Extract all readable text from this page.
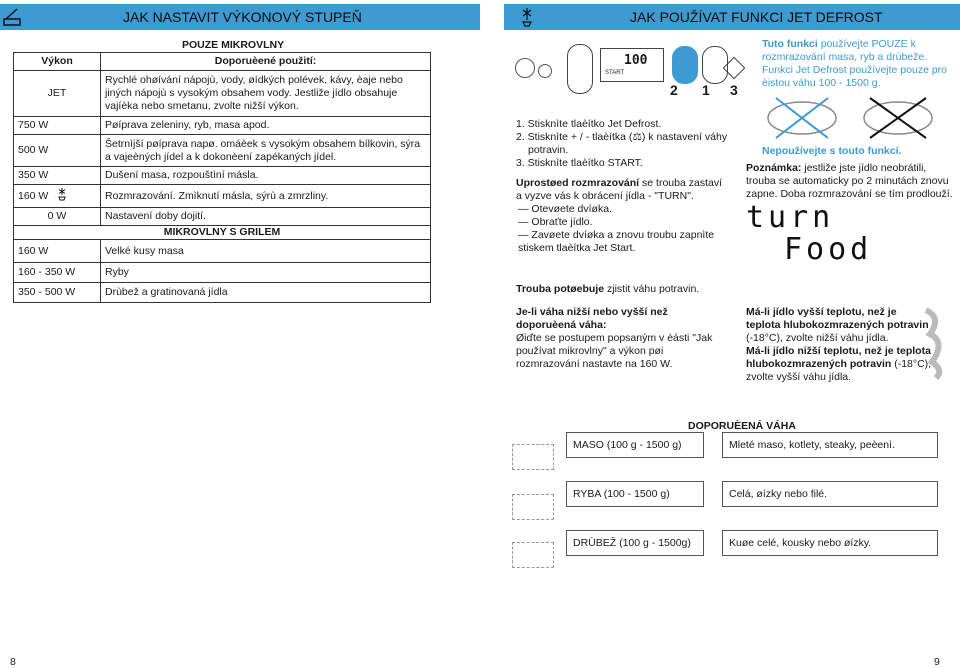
JAK NASTAVIT VÝKONOVÝ STUPEŇ	JAK POUŽÍVAT FUNKCI JET DEFROST
POUZE MIKROVLNY
Výkon	Doporuèené použití:
JET	Rychlé ohøívání nápojù, vody, øídkých polévek, kávy, èaje nebo jiných nápojù s vysokým obsahem vody. Jestliže jídlo obsahuje vajíèka nebo smetanu, zvolte nižší výkon.
750 W	Pøíprava zeleniny, ryb, masa apod.
500 W	Šetrnìjší pøíprava napø. omáèek s vysokým obsahem bílkovin, sýra a vajeèných jídel a k dokonèení zapékaných jídel.
350 W	Dušení masa, rozpouštìní másla.
160 W	Rozmrazování. Zmìknutí másla, sýrù a zmrzliny.
0 W	Nastavení doby dojití.
MIKROVLNY S GRILEM	
160 W	Velké kusy masa
160 - 350 W	Ryby
350 - 500 W	Drùbež a gratinovaná jídla
100
START
2 1 3
Tuto funkci používejte POUZE k rozmrazování masa, ryb a drùbeže. Funkci Jet Defrost používejte pouze pro èistou váhu 100 - 1500 g.
1. Stisknìte tlaèítko Jet Defrost.
2. Stisknìte + / - tlaèítka (⚖) k nastavení váhy
potravin.
3. Stisknìte tlaèítko START.
Nepoužívejte s touto funkcí.
Poznámka: jestliže jste jídlo neobrátili, trouba se automaticky po 2 minutách znovu zapne. Doba rozmrazování se tím prodlouží.
Uprostøed rozmrazování se trouba zastaví a vyzve vás k obrácení jídla - "TURN".
— Otevøete dvíøka.
— Obraťte jídlo.
— Zavøete dvíøka a znovu troubu zapnìte stiskem tlaèítka Jet Start.
turn
Food
Trouba potøebuje zjistit váhu potravin.
Je-li váha nižší nebo vyšší než doporuèená váha:
Øiďte se postupem popsaným v èásti "Jak používat mikrovlny" a výkon pøi rozmrazování nastavte na 160 W.
Má-li jídlo vyšší teplotu, než je teplota hlubokozmrazených potravin (-18°C), zvolte nižší váhu jídla.
Má-li jídlo nižší teplotu, než je teplota hlubokozmrazených potravin (-18°C), zvolte vyšší váhu jídla.
DOPORUÈENÁ VÁHA
MASO (100 g - 1500 g)		Mleté maso, kotlety, steaky, peèenì.

RYBA (100 - 1500 g)		Celá, øízky nebo filé.

DRÙBEŽ (100 g - 1500g)		Kuøe celé, kousky nebo øízky.
8	9
